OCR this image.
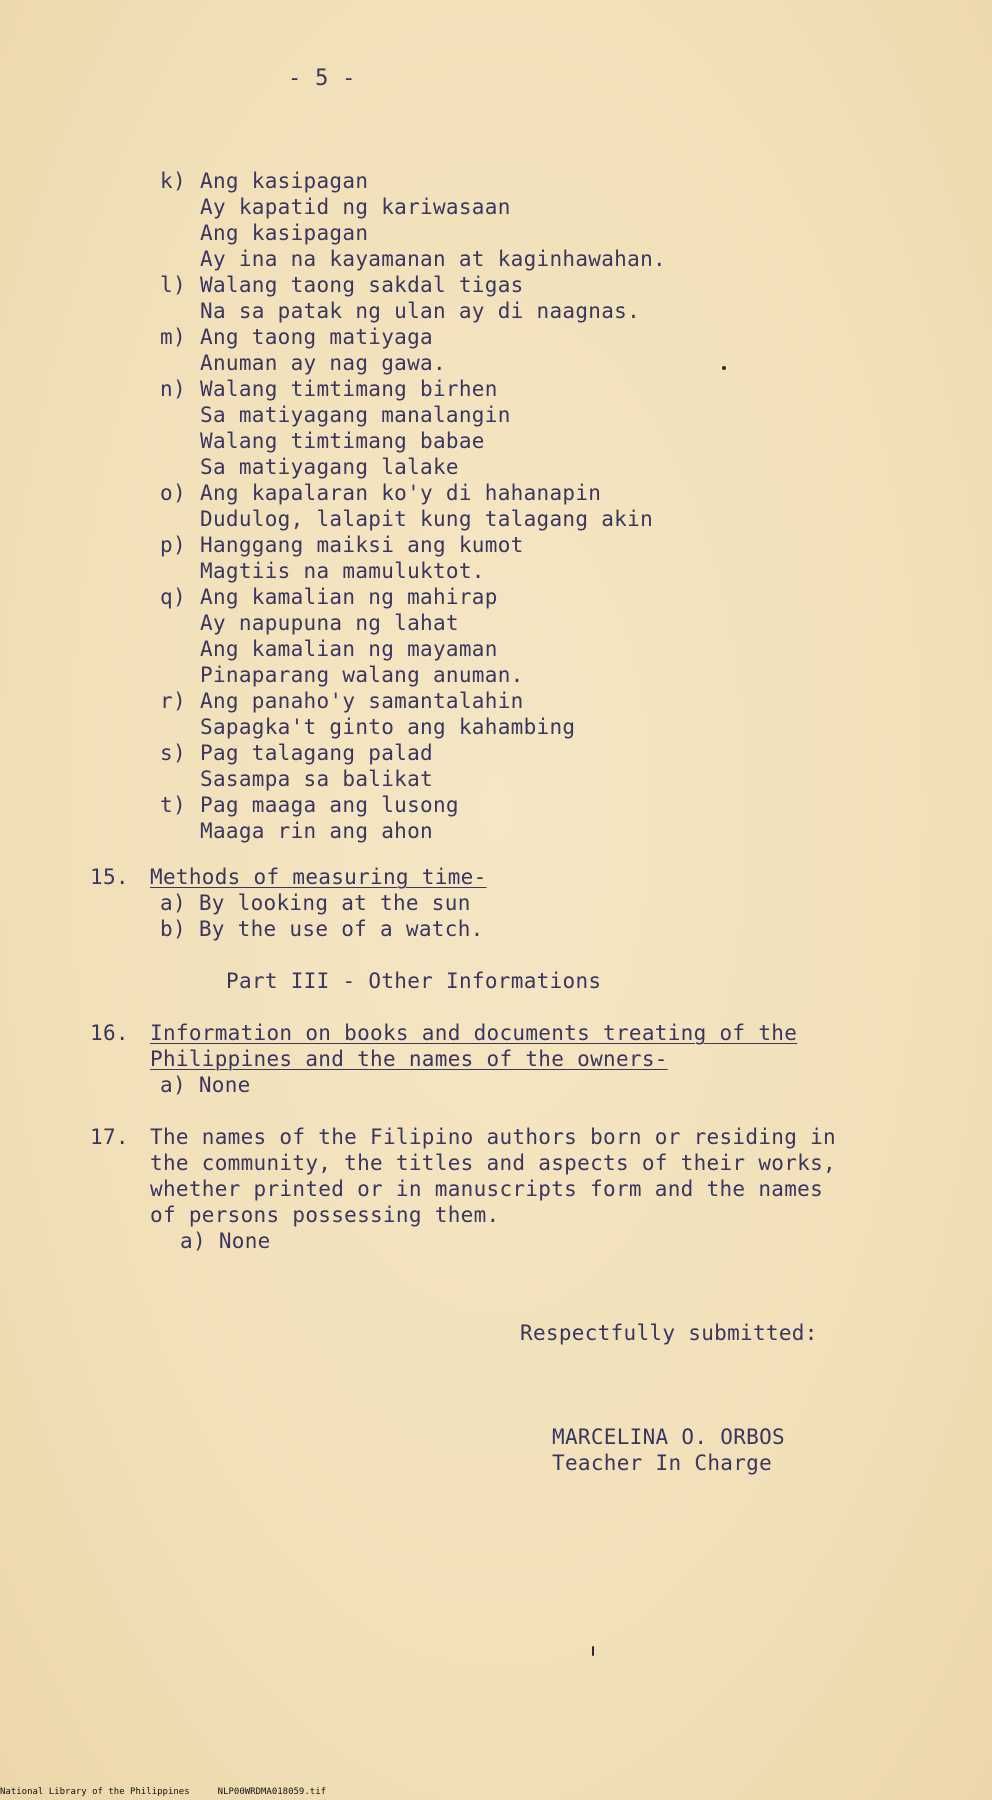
- 5 -
k) Ang kasipagan
Ay kapatid ng kariwasaan
Ang kasipagan
Ay ina na kayamanan at kaginhawahan.
l) Walang taong sakdal tigas
Na sa patak ng ulan ay di naagnas.
m) Ang taong matiyaga
Anuman ay nag gawa.
n) Walang timtimang birhen
Sa matiyagang manalangin
Walang timtimang babae
Sa matiyagang lalake
o) Ang kapalaran ko'y di hahanapin
Dudulog, lalapit kung talagang akin
p) Hanggang maiksi ang kumot
Magtiis na mamuluktot.
q) Ang kamalian ng mahirap
Ay napupuna ng lahat
Ang kamalian ng mayaman
Pinaparang walang anuman.
r) Ang panaho'y samantalahin
Sapagka't ginto ang kahambing
s) Pag talagang palad
Sasampa sa balikat
t) Pag maaga ang lusong
Maaga rin ang ahon
15. Methods of measuring time-
a) By looking at the sun
b) By the use of a watch.
Part III - Other Informations
16. Information on books and documents treating of the
Philippines and the names of the owners-
a) None
17. The names of the Filipino authors born or residing in
the community, the titles and aspects of their works,
whether printed or in manuscripts form and the names
of persons possessing them.
a) None
Respectfully submitted:
MARCELINA O. ORBOS
Teacher In Charge
National Library of the Philippines	NLP00WRDMA018059.tif
